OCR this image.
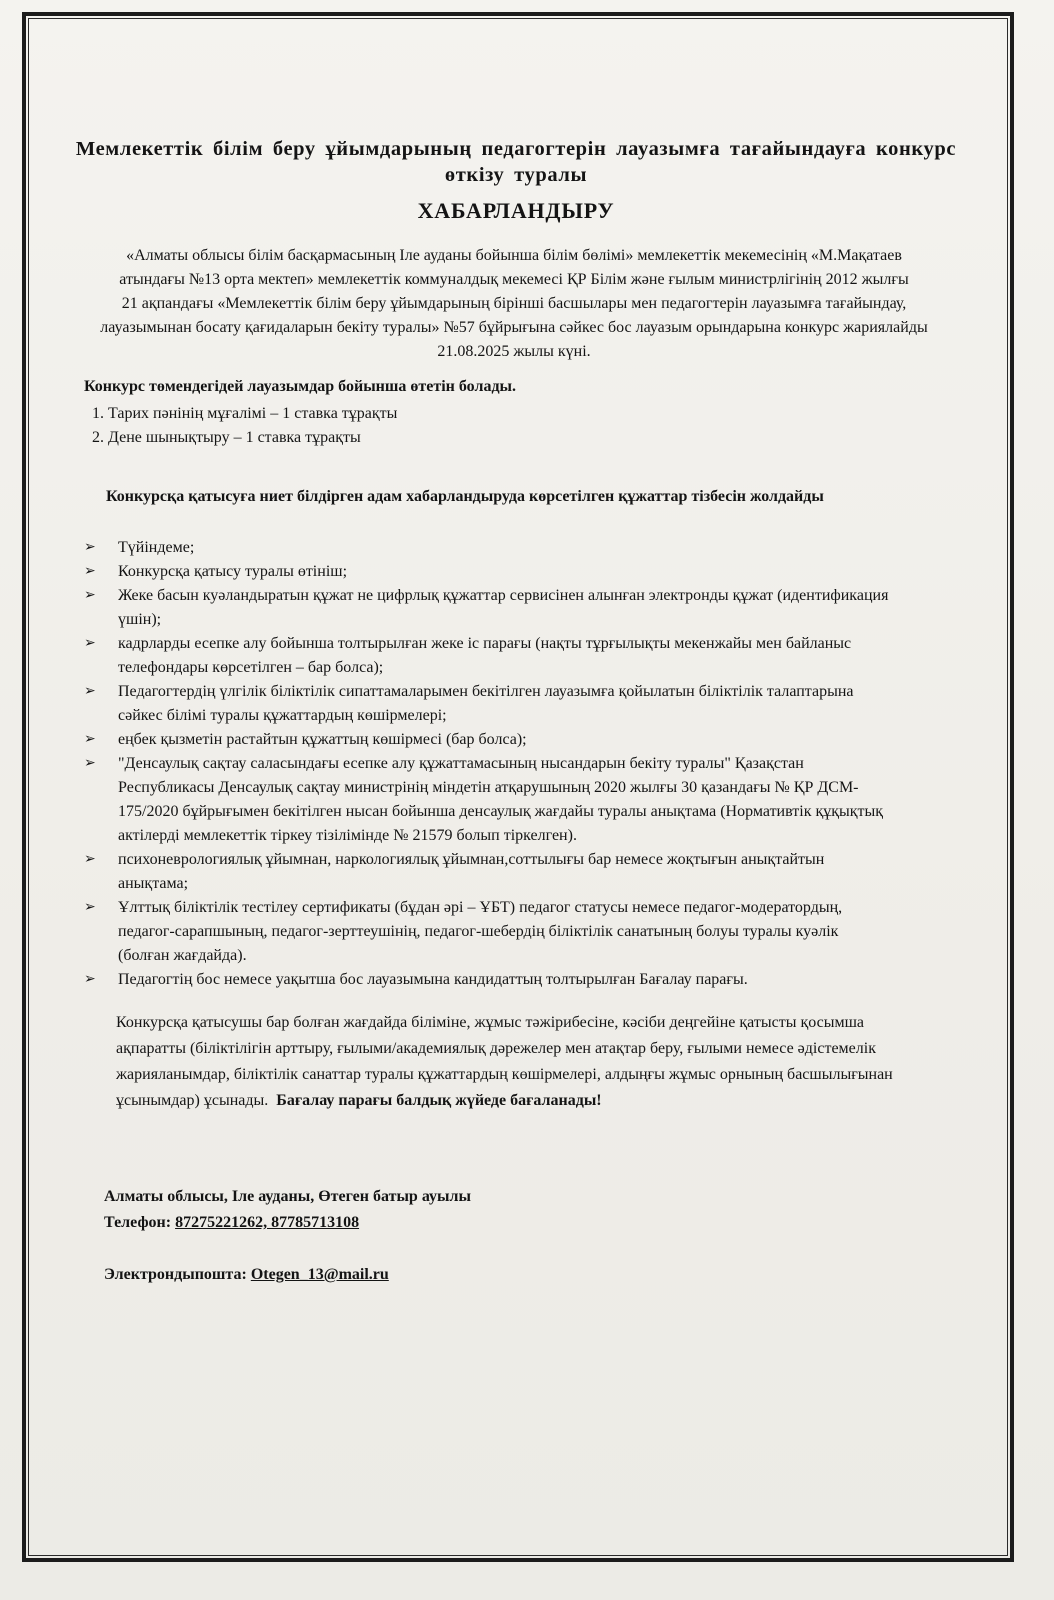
Мемлекеттік білім беру ұйымдарының педагогтерін лауазымға тағайындауға конкурс
өткізу туралы
ХАБАРЛАНДЫРУ
«Алматы облысы білім басқармасының Іле ауданы бойынша білім бөлімі» мемлекеттік мекемесінің «М.Мақатаев
атындағы №13 орта мектеп» мемлекеттік коммуналдық мекемесі ҚР Білім және ғылым министрлігінің 2012 жылғы
21 ақпандағы «Мемлекеттік білім беру ұйымдарының бірінші басшылары мен педагогтерін лауазымға тағайындау,
лауазымынан босату қағидаларын бекіту туралы» №57 бұйрығына сәйкес бос лауазым орындарына конкурс жариялайды
21.08.2025 жылы күні.
Конкурс төмендегідей лауазымдар бойынша өтетін болады.
1. Тарих пәнінің мұғалімі – 1 ставка тұрақты
2. Дене шынықтыру – 1 ставка тұрақты
Конкурсқа қатысуға ниет білдірген адам хабарландыруда көрсетілген құжаттар тізбесін жолдайды
➢	Түйіндеме;
➢	Конкурсқа қатысу туралы өтініш;
➢	Жеке басын куәландыратын құжат не цифрлық құжаттар сервисінен алынған электронды құжат (идентификация
үшін);
➢	кадрларды есепке алу бойынша толтырылған жеке іс парағы (нақты тұрғылықты мекенжайы мен байланыс
телефондары көрсетілген – бар болса);
➢	Педагогтердің үлгілік біліктілік сипаттамаларымен бекітілген лауазымға қойылатын біліктілік талаптарына
сәйкес білімі туралы құжаттардың көшірмелері;
➢	еңбек қызметін растайтын құжаттың көшірмесі (бар болса);
➢	"Денсаулық сақтау саласындағы есепке алу құжаттамасының нысандарын бекіту туралы" Қазақстан
Республикасы Денсаулық сақтау министрінің міндетін атқарушының 2020 жылғы 30 қазандағы № ҚР ДСМ-
175/2020 бұйрығымен бекітілген нысан бойынша денсаулық жағдайы туралы анықтама (Нормативтік құқықтық
актілерді мемлекеттік тіркеу тізілімінде № 21579 болып тіркелген).
➢	психоневрологиялық ұйымнан, наркологиялық ұйымнан,соттылығы бар немесе жоқтығын анықтайтын
анықтама;
➢	Ұлттық біліктілік тестілеу сертификаты (бұдан әрі – ҰБТ) педагог статусы немесе педагог-модератордың,
педагог-сарапшының, педагог-зерттеушінің, педагог-шебердің біліктілік санатының болуы туралы куәлік
(болған жағдайда).
➢	Педагогтің бос немесе уақытша бос лауазымына кандидаттың толтырылған Бағалау парағы.
Конкурсқа қатысушы бар болған жағдайда біліміне, жұмыс тәжірибесіне, кәсіби деңгейіне қатысты қосымша
ақпаратты (біліктілігін арттыру, ғылыми/академиялық дәрежелер мен атақтар беру, ғылыми немесе әдістемелік
жарияланымдар, біліктілік санаттар туралы құжаттардың көшірмелері, алдыңғы жұмыс орнының басшылығынан
ұсынымдар) ұсынады. Бағалау парағы балдық жүйеде бағаланады!
Алматы облысы, Іле ауданы, Өтеген батыр ауылы
Телефон: 87275221262, 87785713108
Электрондыпошта: Otegen_13@mail.ru
